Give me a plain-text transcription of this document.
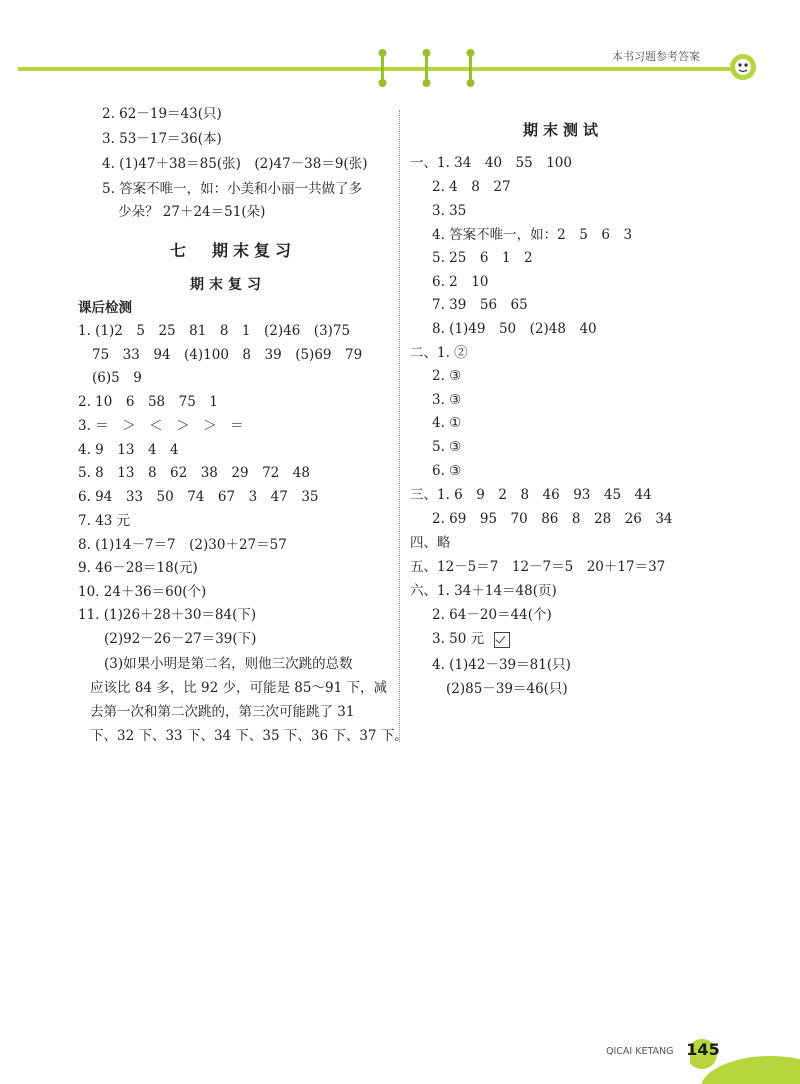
本书习题参考答案
2. 62－19＝43(只)
3. 53－17＝36(本)
4. (1)47＋38＝85(张)　(2)47－38＝9(张)
5. 答案不唯一，如：小美和小丽一共做了多
少朵？ 27＋24＝51(朵)
七　期末复习
期末复习
课后检测
1. (1)2　5　25　81　8　1　(2)46　(3)75
75　33　94　(4)100　8　39　(5)69　79
(6)5　9
2. 10　6　58　75　1
3. ＝　＞　＜　＞　＞　＝
4. 9　13　4　4
5. 8　13　8　62　38　29　72　48
6. 94　33　50　74　67　3　47　35
7. 43 元
8. (1)14－7＝7　(2)30＋27＝57
9. 46－28＝18(元)
10. 24＋36＝60(个)
11. (1)26＋28＋30＝84(下)
(2)92－26－27＝39(下)
(3)如果小明是第二名，则他三次跳的总数
应该比 84 多，比 92 少，可能是 85～91 下，减
去第一次和第二次跳的，第三次可能跳了 31
下、32 下、33 下、34 下、35 下、36 下、37 下。
期末测试
一、1. 34　40　55　100
2. 4　8　27
3. 35
4. 答案不唯一，如：2　5　6　3
5. 25　6　1　2
6. 2　10
7. 39　56　65
8. (1)49　50　(2)48　40
二、1. ②
2. ③
3. ③
4. ①
5. ③
6. ③
三、1. 6　9　2　8　46　93　45　44
2. 69　95　70　86　8　28　26　34
四、略
五、12－5＝7　12－7＝5　20＋17＝37
六、1. 34＋14＝48(页)
2. 64－20＝44(个)
3. 50 元
4. (1)42－39＝81(只)
(2)85－39＝46(只)
QICAI KETANG 145
